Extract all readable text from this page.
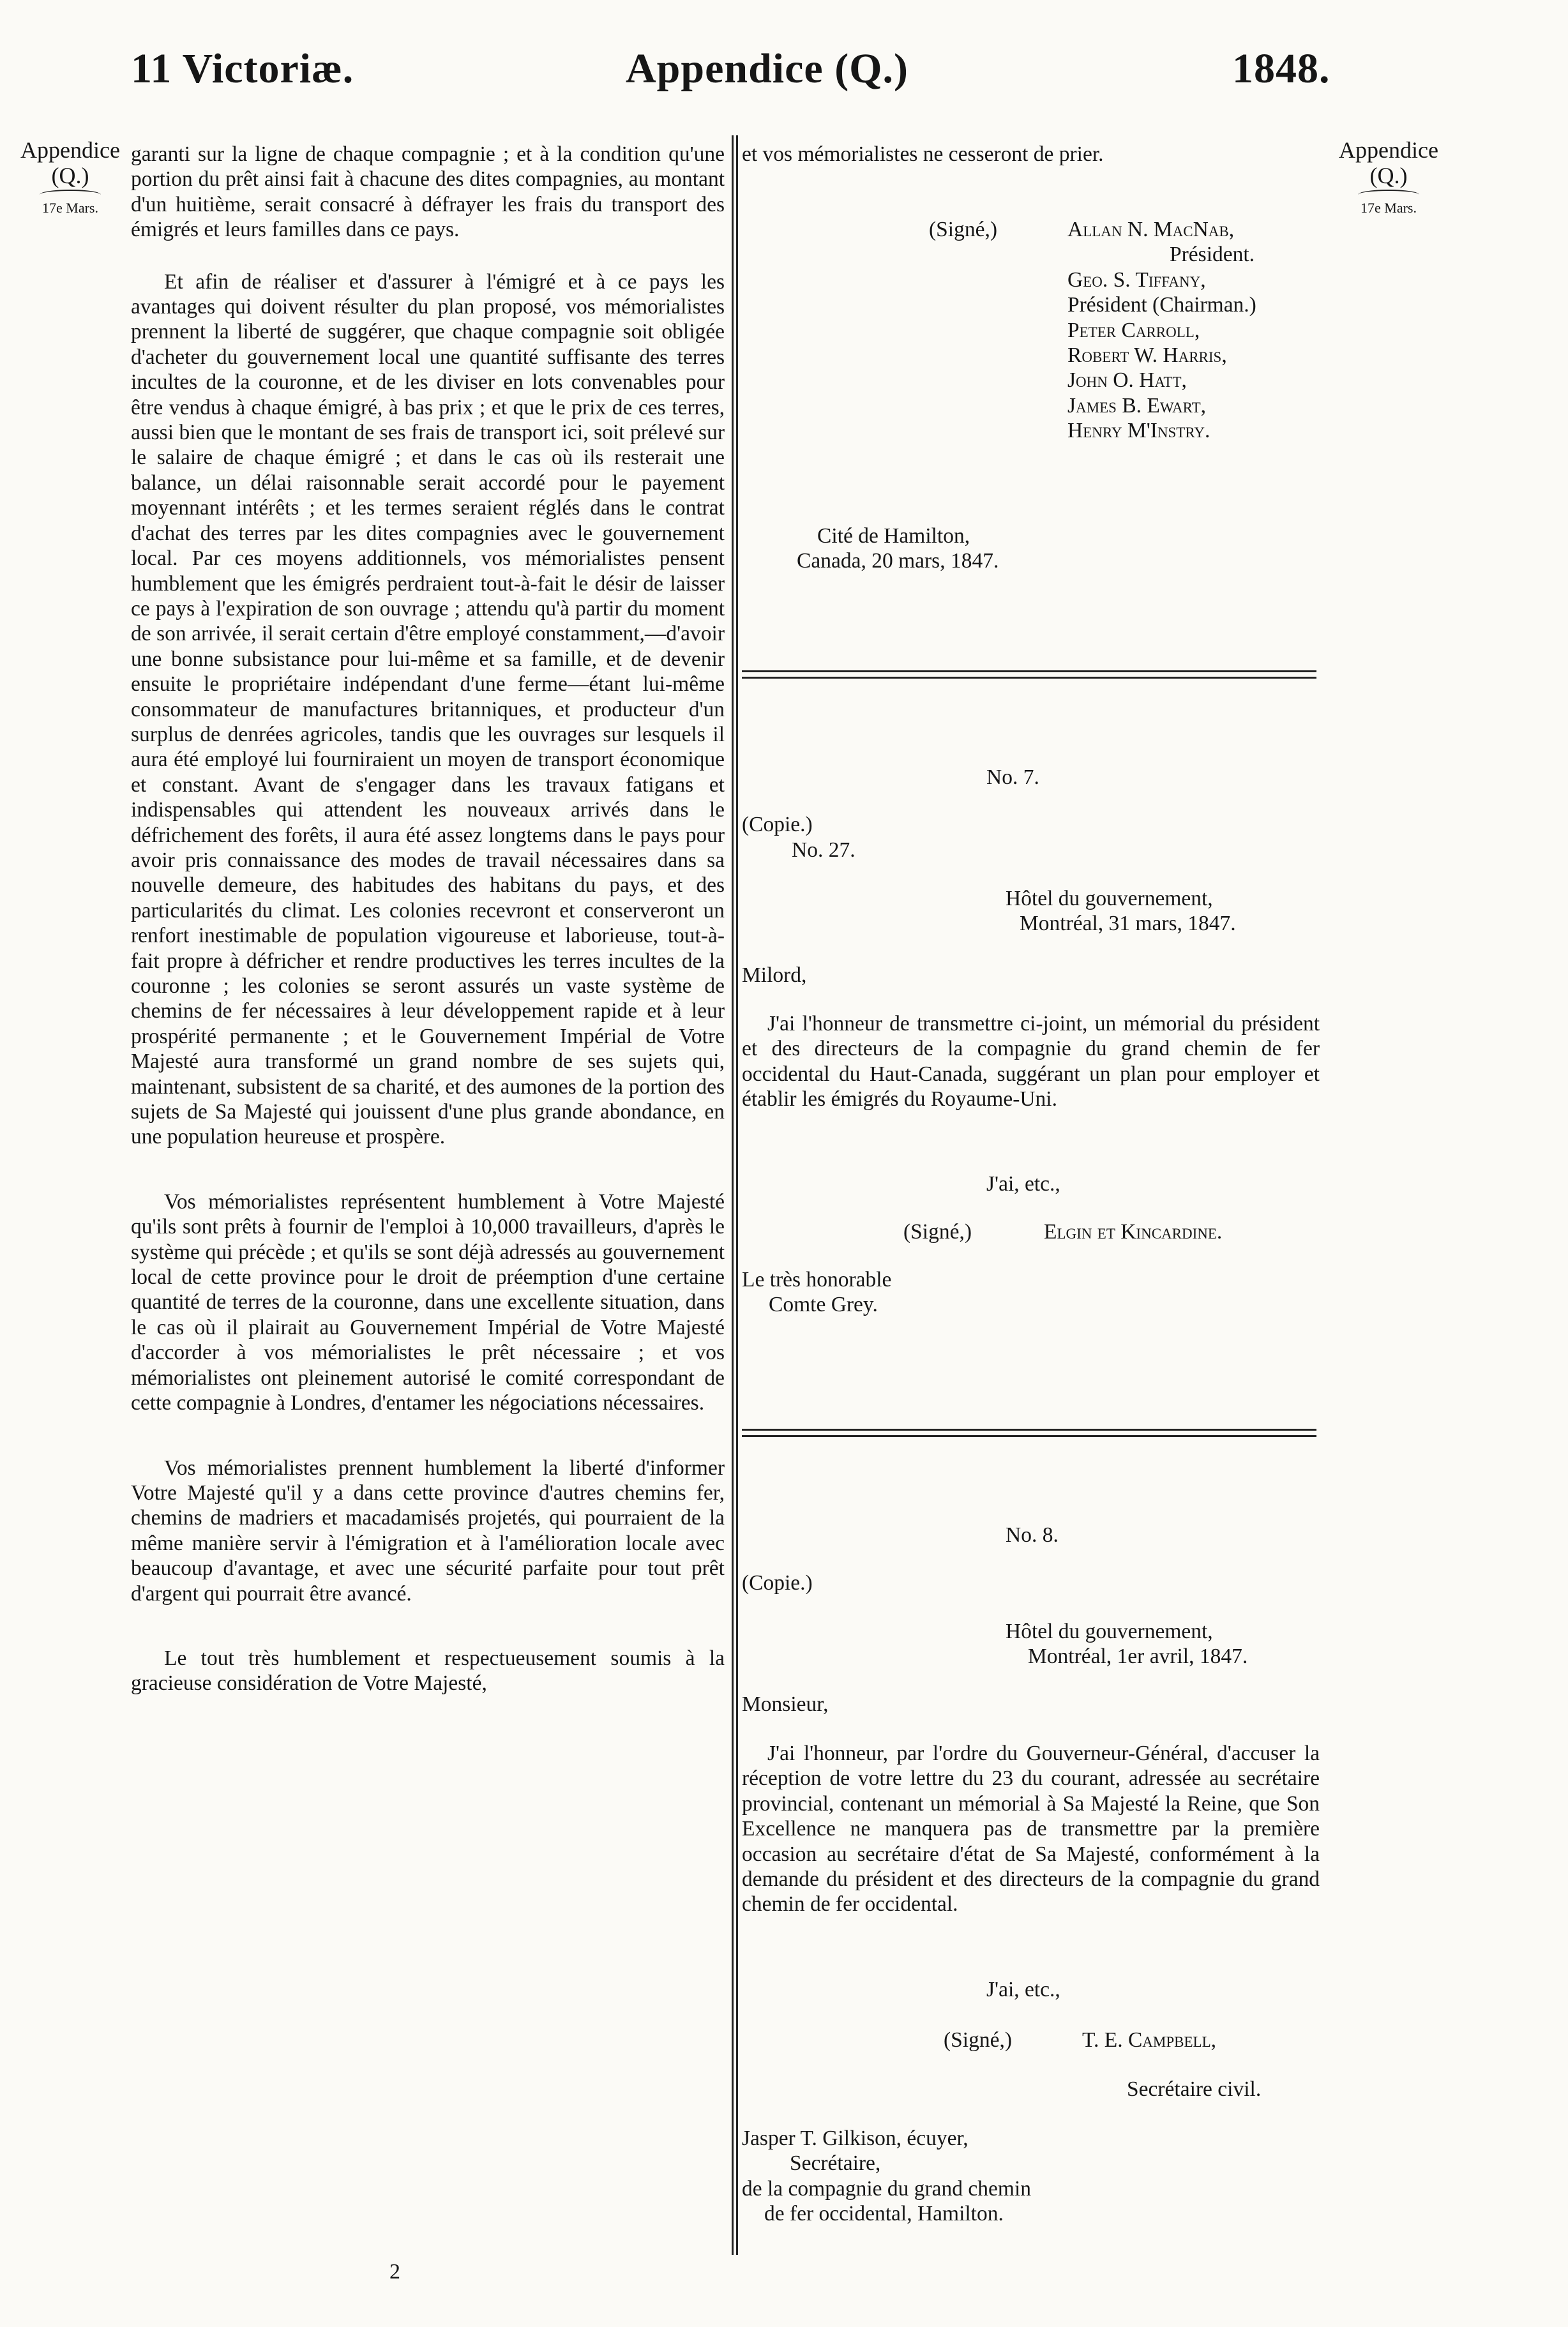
11 Victoriæ.	Appendice (Q.)	1848.
Appendice
(Q.)
17e Mars.
Appendice
(Q.)
17e Mars.

garanti sur la ligne de chaque compagnie ; et à la condition qu'une portion du prêt ainsi fait à chacune des dites compagnies, au montant d'un huitième, serait consacré à défrayer les frais du transport des émigrés et leurs familles dans ce pays.

Et afin de réaliser et d'assurer à l'émigré et à ce pays les avantages qui doivent résulter du plan proposé, vos mémorialistes prennent la liberté de suggérer, que chaque compagnie soit obligée d'acheter du gouvernement local une quantité suffisante des terres incultes de la couronne, et de les diviser en lots convenables pour être vendus à chaque émigré, à bas prix ; et que le prix de ces terres, aussi bien que le montant de ses frais de transport ici, soit prélevé sur le salaire de chaque émigré ; et dans le cas où ils resterait une balance, un délai raisonnable serait accordé pour le payement moyennant intérêts ; et les termes seraient réglés dans le contrat d'achat des terres par les dites compagnies avec le gouvernement local. Par ces moyens additionnels, vos mémorialistes pensent humblement que les émigrés perdraient tout-à-fait le désir de laisser ce pays à l'expiration de son ouvrage ; attendu qu'à partir du moment de son arrivée, il serait certain d'être employé constamment,—d'avoir une bonne subsistance pour lui-même et sa famille, et de devenir ensuite le propriétaire indépendant d'une ferme—étant lui-même consommateur de manufactures britanniques, et producteur d'un surplus de denrées agricoles, tandis que les ouvrages sur lesquels il aura été employé lui fourniraient un moyen de transport économique et constant. Avant de s'engager dans les travaux fatigans et indispensables qui attendent les nouveaux arrivés dans le défrichement des forêts, il aura été assez longtems dans le pays pour avoir pris connaissance des modes de travail nécessaires dans sa nouvelle demeure, des habitudes des habitans du pays, et des particularités du climat. Les colonies recevront et conserveront un renfort inestimable de population vigoureuse et laborieuse, tout-à-fait propre à défricher et rendre productives les terres incultes de la couronne ; les colonies se seront assurés un vaste système de chemins de fer nécessaires à leur développement rapide et à leur prospérité permanente ; et le Gouvernement Impérial de Votre Majesté aura transformé un grand nombre de ses sujets qui, maintenant, subsistent de sa charité, et des aumones de la portion des sujets de Sa Majesté qui jouissent d'une plus grande abondance, en une population heureuse et prospère.

Vos mémorialistes représentent humblement à Votre Majesté qu'ils sont prêts à fournir de l'emploi à 10,000 travailleurs, d'après le système qui précède ; et qu'ils se sont déjà adressés au gouvernement local de cette province pour le droit de préemption d'une certaine quantité de terres de la couronne, dans une excellente situation, dans le cas où il plairait au Gouvernement Impérial de Votre Majesté d'accorder à vos mémorialistes le prêt nécessaire ; et vos mémorialistes ont pleinement autorisé le comité correspondant de cette compagnie à Londres, d'entamer les négociations nécessaires.

Vos mémorialistes prennent humblement la liberté d'informer Votre Majesté qu'il y a dans cette province d'autres chemins fer, chemins de madriers et macadamisés projetés, qui pourraient de la même manière servir à l'émigration et à l'amélioration locale avec beaucoup d'avantage, et avec une sécurité parfaite pour tout prêt d'argent qui pourrait être avancé.

Le tout très humblement et respectueusement soumis à la gracieuse considération de Votre Majesté,

2

et vos mémorialistes ne cesseront de prier.

(Signé,)	Allan N. MacNab,
Président.
Geo. S. Tiffany,
Président (Chairman.)
Peter Carroll,
Robert W. Harris,
John O. Hatt,
James B. Ewart,
Henry M'Instry.
Cité de Hamilton,
Canada, 20 mars, 1847.
No. 7.
(Copie.)
No. 27.
Hôtel du gouvernement,
Montréal, 31 mars, 1847.
Milord,
J'ai l'honneur de transmettre ci-joint, un mémorial du président et des directeurs de la compagnie du grand chemin de fer occidental du Haut-Canada, suggérant un plan pour employer et établir les émigrés du Royaume-Uni.
J'ai, etc.,
(Signé,)	Elgin et Kincardine.
Le très honorable
Comte Grey.
No. 8.
(Copie.)
Hôtel du gouvernement,
Montréal, 1er avril, 1847.
Monsieur,
J'ai l'honneur, par l'ordre du Gouverneur-Général, d'accuser la réception de votre lettre du 23 du courant, adressée au secrétaire provincial, contenant un mémorial à Sa Majesté la Reine, que Son Excellence ne manquera pas de transmettre par la première occasion au secrétaire d'état de Sa Majesté, conformément à la demande du président et des directeurs de la compagnie du grand chemin de fer occidental.
J'ai, etc.,
(Signé,)	T. E. Campbell,
Secrétaire civil.
Jasper T. Gilkison, écuyer,
Secrétaire,
de la compagnie du grand chemin
de fer occidental, Hamilton.
